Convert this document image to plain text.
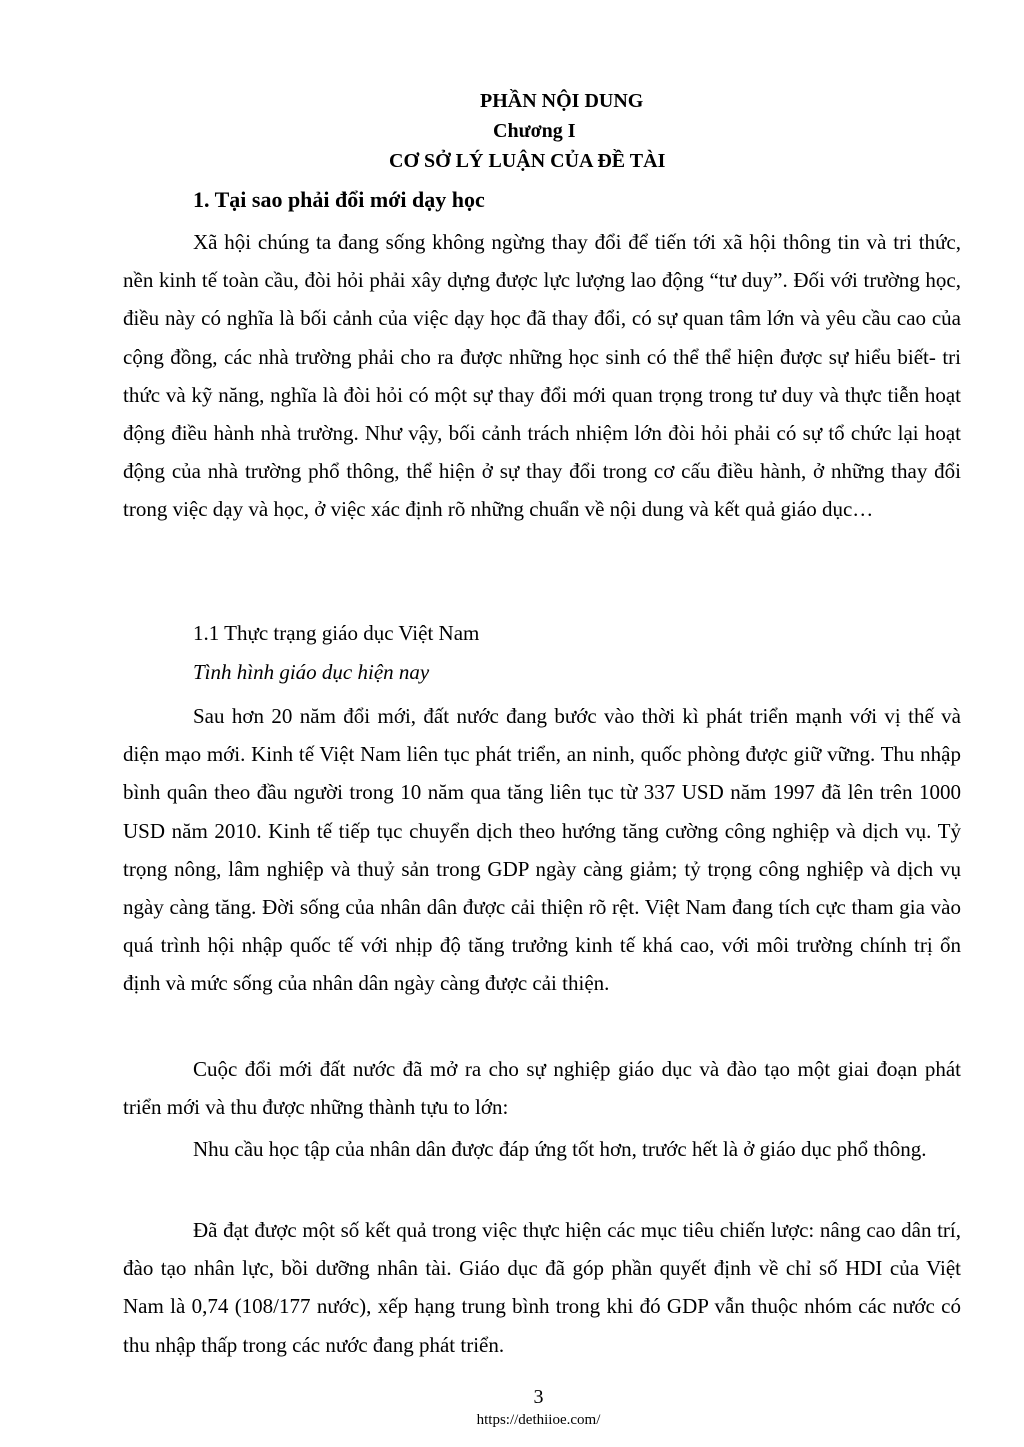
PHẦN NỘI DUNG
Chương I
CƠ SỞ LÝ LUẬN CỦA ĐỀ TÀI
1. Tại sao phải đổi mới dạy học
Xã hội chúng ta đang sống không ngừng thay đổi để tiến tới xã hội thông tin và tri thức, nền kinh tế toàn cầu, đòi hỏi phải xây dựng được lực lượng lao động “tư duy”. Đối với trường học, điều này có nghĩa là bối cảnh của việc dạy học đã thay đổi, có sự quan tâm lớn và yêu cầu cao của cộng đồng, các nhà trường phải cho ra được những học sinh có thể thể hiện được sự hiểu biết- tri thức và kỹ năng, nghĩa là đòi hỏi có một sự thay đổi mới quan trọng trong tư duy và thực tiễn hoạt động điều hành nhà trường. Như vậy, bối cảnh trách nhiệm lớn đòi hỏi phải có sự tổ chức lại hoạt động của nhà trường phổ thông, thể hiện ở sự thay đổi trong cơ cấu điều hành, ở những thay đổi trong việc dạy và học, ở việc xác định rõ những chuẩn về nội dung và kết quả giáo dục…
1.1 Thực trạng giáo dục Việt Nam
Tình hình giáo dục hiện nay
Sau hơn 20 năm đổi mới, đất nước đang bước vào thời kì phát triển mạnh với vị thế và diện mạo mới. Kinh tế Việt Nam liên tục phát triển, an ninh, quốc phòng được giữ vững. Thu nhập bình quân theo đầu người trong 10 năm qua tăng liên tục từ 337 USD năm 1997 đã lên trên 1000 USD năm 2010. Kinh tế tiếp tục chuyển dịch theo hướng tăng cường công nghiệp và dịch vụ. Tỷ trọng nông, lâm nghiệp và thuỷ sản trong GDP ngày càng giảm; tỷ trọng công nghiệp và dịch vụ ngày càng tăng. Đời sống của nhân dân được cải thiện rõ rệt. Việt Nam đang tích cực tham gia vào quá trình hội nhập quốc tế với nhịp độ tăng trưởng kinh tế khá cao, với môi trường chính trị ổn định và mức sống của nhân dân ngày càng được cải thiện.
Cuộc đổi mới đất nước đã mở ra cho sự nghiệp giáo dục và đào tạo một giai đoạn phát triển mới và thu được những thành tựu to lớn:
Nhu cầu học tập của nhân dân được đáp ứng tốt hơn, trước hết là ở giáo dục phổ thông.
Đã đạt được một số kết quả trong việc thực hiện các mục tiêu chiến lược: nâng cao dân trí, đào tạo nhân lực, bồi dưỡng nhân tài. Giáo dục đã góp phần quyết định về chỉ số HDI của Việt Nam là 0,74 (108/177 nước), xếp hạng trung bình trong khi đó GDP vẫn thuộc nhóm các nước có thu nhập thấp trong các nước đang phát triển.
3
https://dethiioe.com/
